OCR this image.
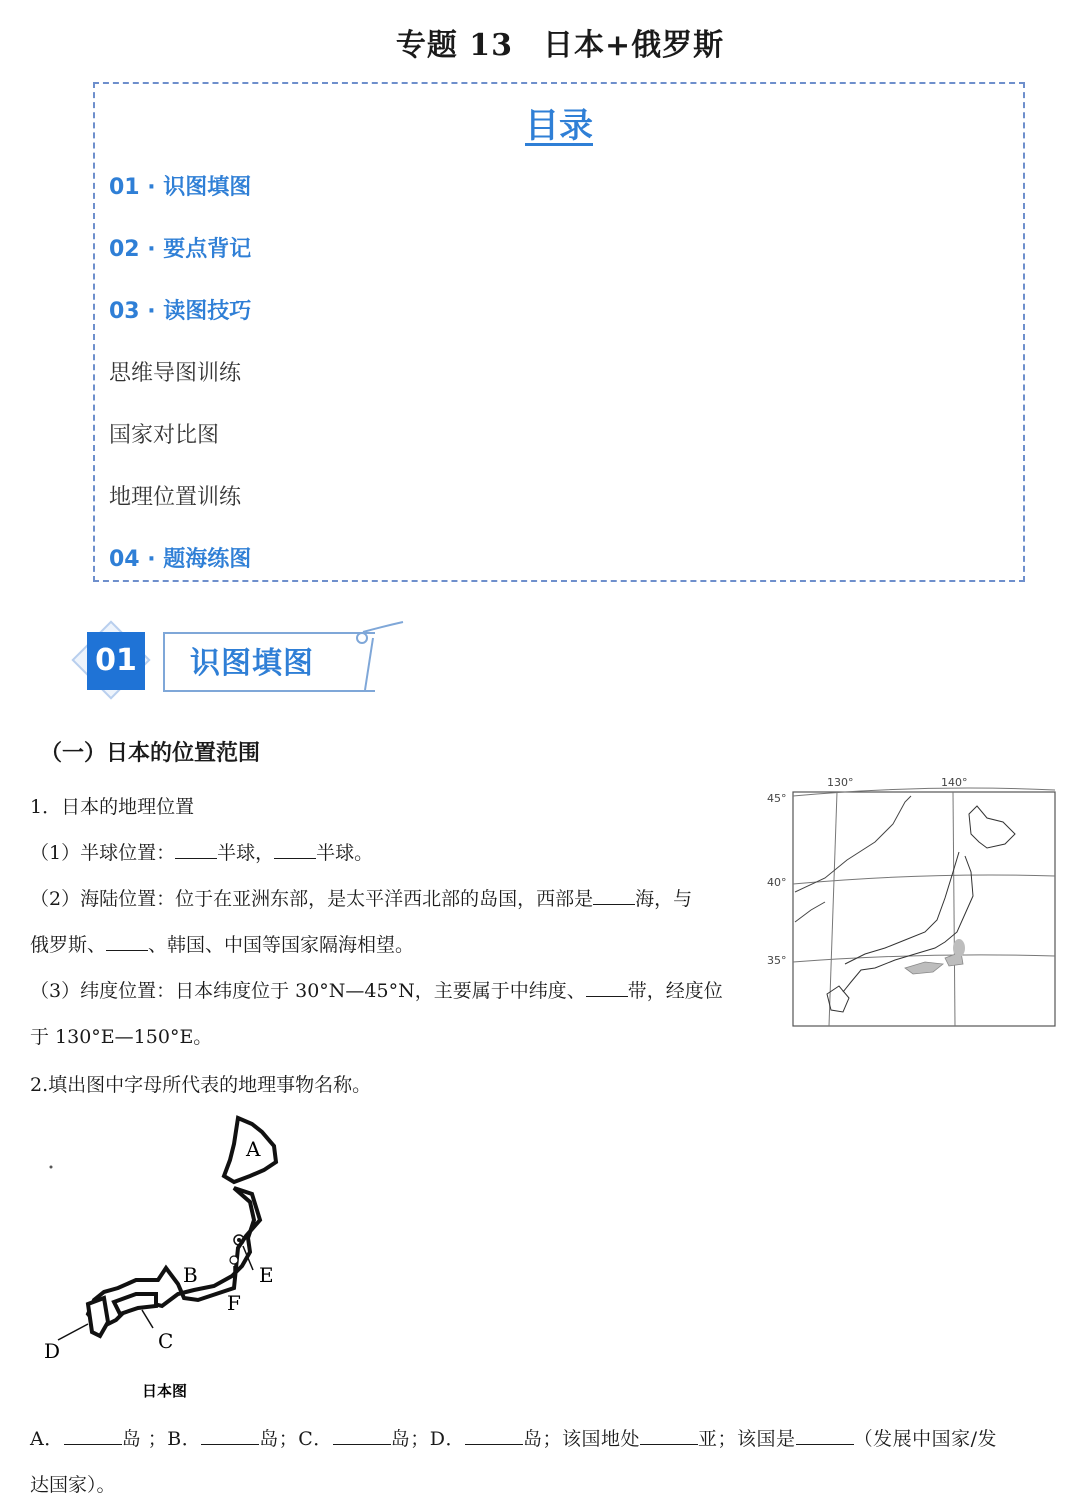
专题 13 日本+俄罗斯
目录
01 · 识图填图
02 · 要点背记
03 · 读图技巧
思维导图训练
国家对比图
地理位置训练
04 · 题海练图
01 识图填图
（一）日本的位置范围
1．日本的地理位置
（1）半球位置： 半球， 半球。
（2）海陆位置：位于在亚洲东部，是太平洋西北部的岛国，西部是 海，与
俄罗斯、 、韩国、中国等国家隔海相望。
（3）纬度位置：日本纬度位于 30°N—45°N，主要属于中纬度、 带，经度位
于 130°E—150°E。
130°	140°
45°
40°
35°
2.填出图中字母所代表的地理事物名称。
A
B
C
D
E
F
日本图
A．	岛 ；B．	岛；C．	岛；D．	岛；该国地处	亚；该国是	（发展中国家/发
达国家）。
